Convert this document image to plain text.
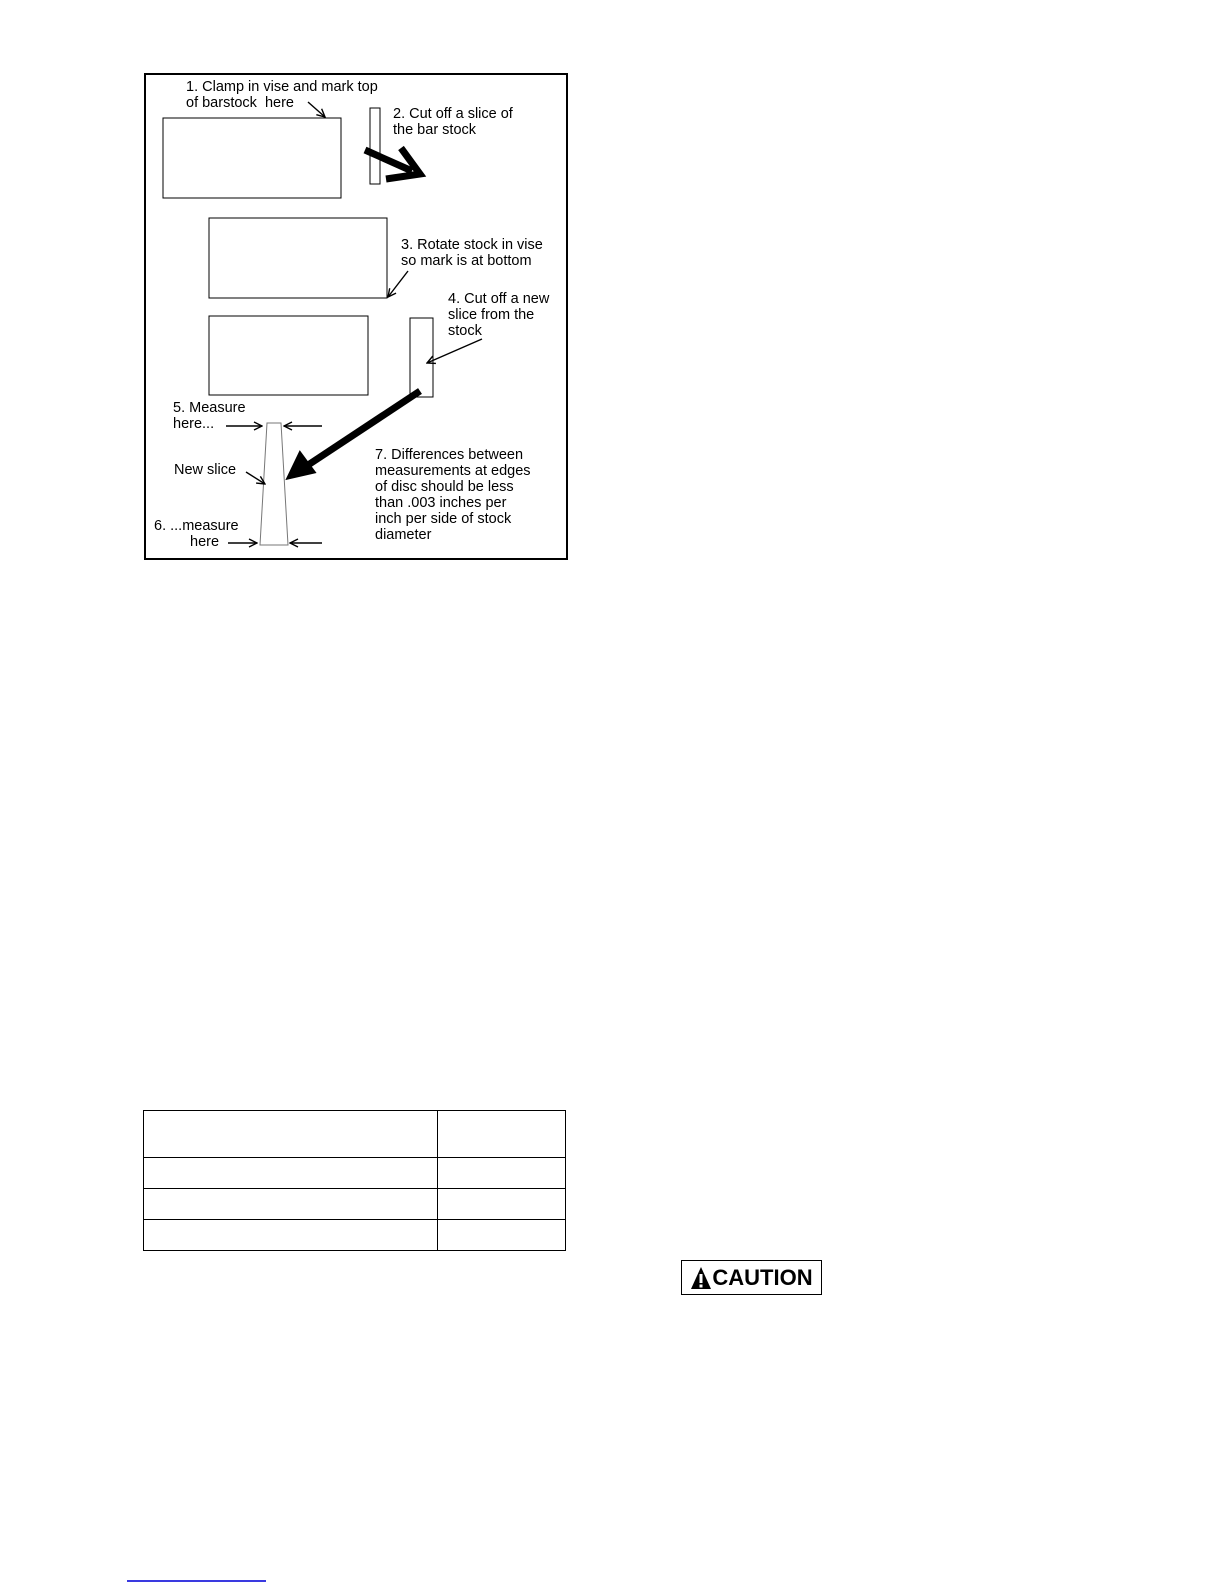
1. Clamp in vise and mark top
of barstock  here
2. Cut off a slice of
the bar stock
3. Rotate stock in vise
so mark is at bottom
4. Cut off a new
slice from the
stock
5. Measure
here...
New slice
6. ...measure
here
7. Differences between
measurements at edges
of disc should be less
than .003 inches per
inch per side of stock
diameter

CAUTION
